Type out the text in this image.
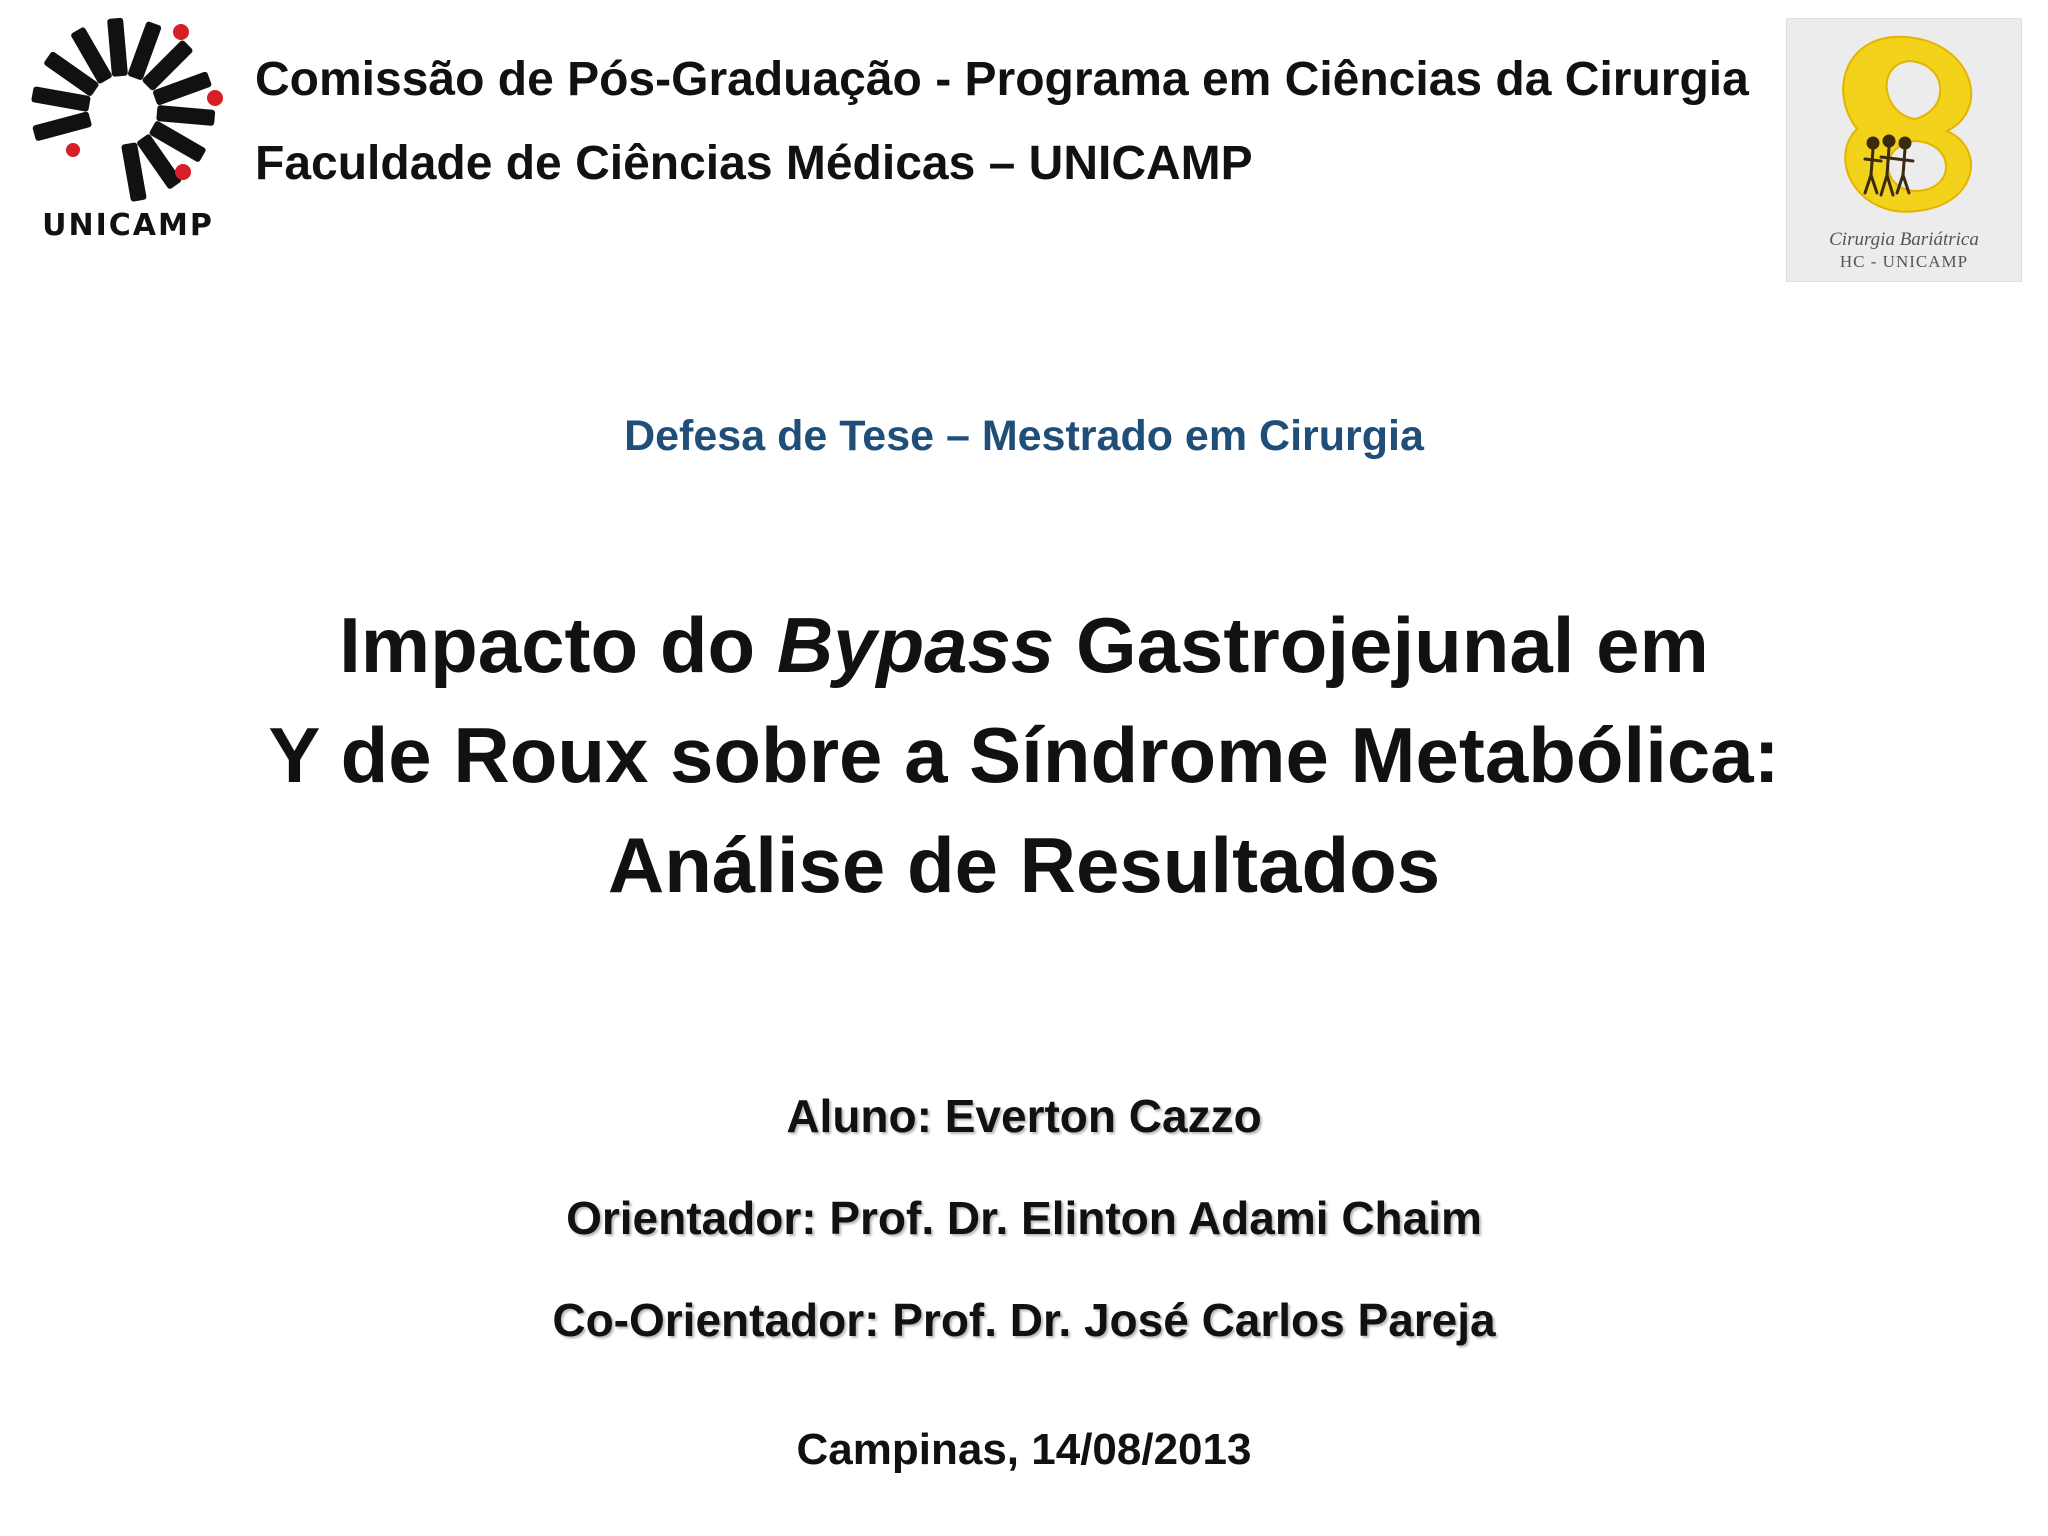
UNICAMP
Comissão de Pós-Graduação - Programa em Ciências da Cirurgia
Faculdade de Ciências Médicas – UNICAMP
Cirurgia Bariátrica
HC - UNICAMP
Defesa de Tese – Mestrado em Cirurgia
Impacto do Bypass Gastrojejunal em
Y de Roux sobre a Síndrome Metabólica:
Análise de Resultados
Aluno: Everton Cazzo
Orientador: Prof. Dr. Elinton Adami Chaim
Co-Orientador: Prof. Dr. José Carlos Pareja
Campinas, 14/08/2013
